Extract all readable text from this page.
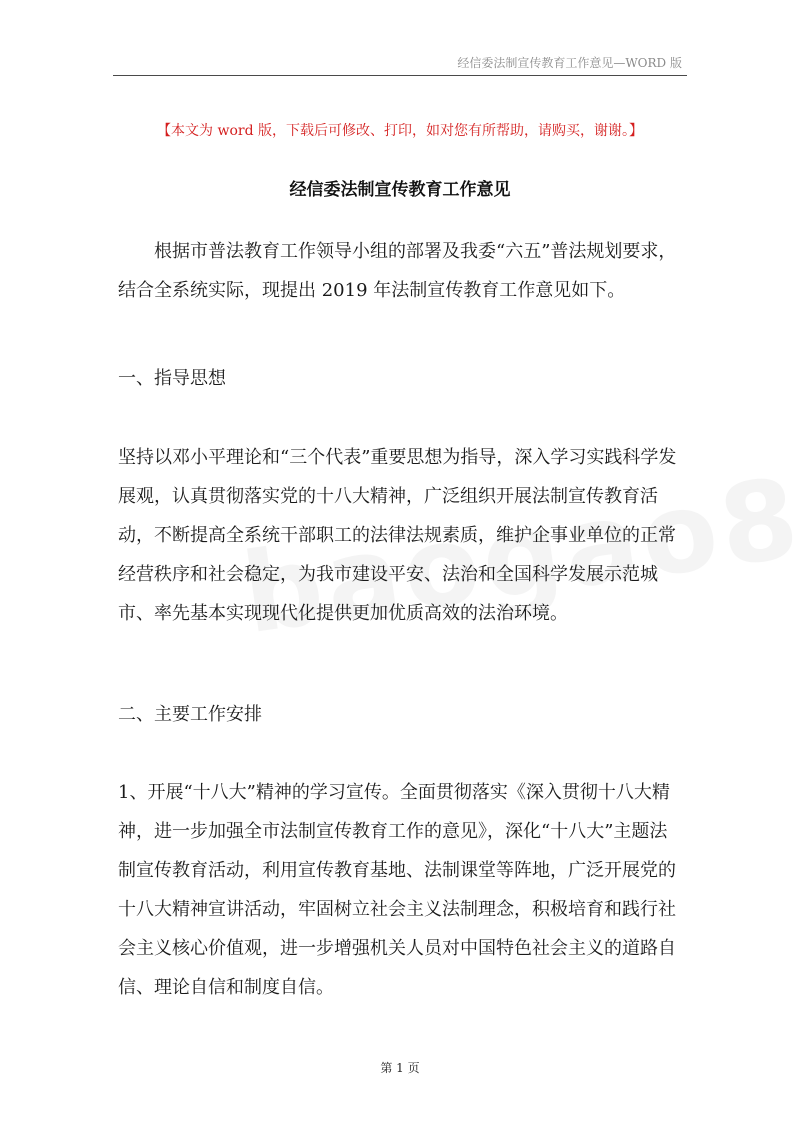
经信委法制宣传教育工作意见—WORD 版
【本文为 word 版，下载后可修改、打印，如对您有所帮助，请购买，谢谢。】
经信委法制宣传教育工作意见

根据市普法教育工作领导小组的部署及我委“六五”普法规划要求，结合全系统实际，现提出 2019 年法制宣传教育工作意见如下。

一、指导思想

坚持以邓小平理论和“三个代表”重要思想为指导，深入学习实践科学发展观，认真贯彻落实党的十八大精神，广泛组织开展法制宣传教育活动，不断提高全系统干部职工的法律法规素质，维护企事业单位的正常经营秩序和社会稳定，为我市建设平安、法治和全国科学发展示范城市、率先基本实现现代化提供更加优质高效的法治环境。

二、主要工作安排

1、开展“十八大”精神的学习宣传。全面贯彻落实《深入贯彻十八大精神，进一步加强全市法制宣传教育工作的意见》，深化“十八大”主题法制宣传教育活动，利用宣传教育基地、法制课堂等阵地，广泛开展党的十八大精神宣讲活动，牢固树立社会主义法制理念，积极培育和践行社会主义核心价值观，进一步增强机关人员对中国特色社会主义的道路自信、理论自信和制度自信。

第 1 页
